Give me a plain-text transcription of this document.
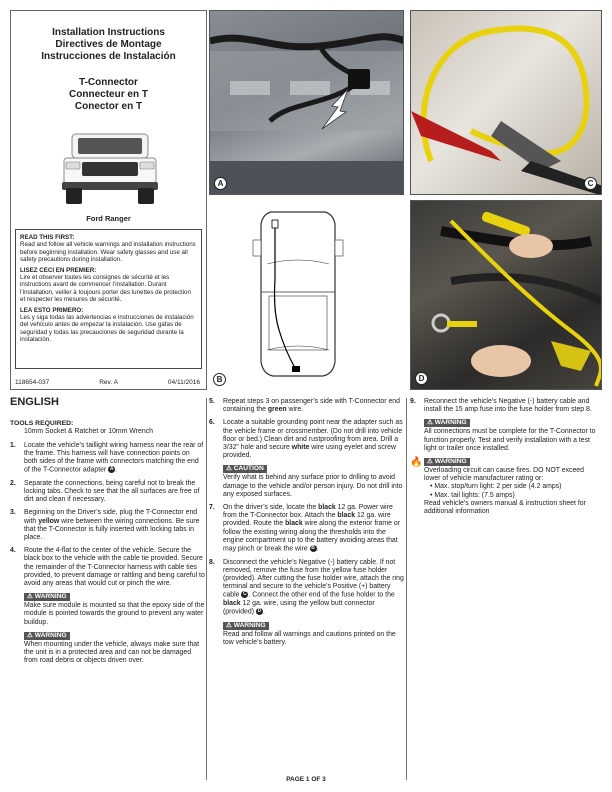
Installation Instructions
Directives de Montage
Instrucciones de Instalación
T-Connector
Connecteur en T
Conector en T
Ford Ranger
READ THIS FIRST:
Read and follow all vehicle warnings and installation instructions before beginning installation. Wear safety glasses and use all safety precautions during installation.
LISEZ CECI EN PREMIER:
Lire et observer toutes les consignes de sécurité et les instructions avant de commencer l’installation. Durant l’installation, veiller à toujours porter des lunettes de protection et respecter les mesures de sécurité.
LEA ESTO PRIMERO:
Les y siga todas las advertencias e instrucciones de instalación del vehículo antes de empezar la instalación. Use gafas de seguridad y todas las precauciones de seguridad durante la instalación.
118654-037	Rev. A	04/11/2016
A	C
B	D
ENGLISH
TOOLS REQUIRED:
10mm Socket & Ratchet or 10mm Wrench
1.	Locate the vehicle’s taillight wiring harness near the rear of the frame. This harness will have connection points on both sides of the frame with connectors matching the end of the T-Connector adapter A .
2.	Separate the connections, being careful not to break the locking tabs. Check to see that the all surfaces are free of dirt and clean if necessary.
3.	Beginning on the Driver’s side, plug the T-Connector end with yellow wire between the wiring connections. Be sure that the T-Connector is fully inserted with locking tabs in place.
4.	Route the 4-flat to the center of the vehicle. Secure the black box to the vehicle with the cable tie provided. Secure the remainder of the T-Connector harness with cable ties provided, to prevent damage or rattling and being careful to avoid any areas that would cut or pinch the wire.
⚠ WARNING
Make sure module is mounted so that the epoxy side of the module is pointed towards the ground to prevent any water buildup.
⚠ WARNING
When mounting under the vehicle, always make sure that the unit is in a protected area and can not be damaged from road debris or objects driven over.
5.	Repeat steps 3 on passenger’s side with T-Connector end containing the green wire.
6.	Locate a suitable grounding point near the adapter such as the vehicle frame or crossmember. (Do not drill into vehicle floor or bed.) Clean dirt and rustproofing from area. Drill a 3/32" hole and secure white wire using eyelet and screw provided.
⚠ CAUTION
Verify what is behind any surface prior to drilling to avoid damage to the vehicle and/or person injury. Do not drill into any exposed surfaces.
7.	On the driver’s side, locate the black 12 ga. Power wire from the T-Connector box. Attach the black 12 ga. wire provided. Route the black wire along the exterior frame or follow the existing wiring along the thresholds into the engine compartment up to the battery avoiding areas that may pinch or break the wire B .
8.	Disconnect the vehicle’s Negative (-) battery cable. If not removed, remove the fuse from the yellow fuse holder (provided). After cutting the fuse holder wire, attach the ring terminal and secure to the vehicle’s Positive (+) battery cable C . Connect the other end of the fuse holder to the black 12 ga. wire, using the yellow butt connector (provided) D .
⚠ WARNING
Read and follow all warnings and cautions printed on the tow vehicle’s battery.
9.	Reconnect the vehicle’s Negative (-) battery cable and install the 15 amp fuse into the fuse holder from step 8.
⚠ WARNING
All connections must be complete for the T-Connector to function properly. Test and verify installation with a test light or trailer once installed.
🔥 ⚠ WARNING
Overloading circuit can cause fires. DO NOT exceed lower of vehicle manufacturer rating or:
• Max. stop/turn light: 2 per side (4.2 amps)
• Max. tail lights: (7.5 amps)
Read vehicle’s owners manual & instruction sheet for additional information
PAGE 1 OF 3
